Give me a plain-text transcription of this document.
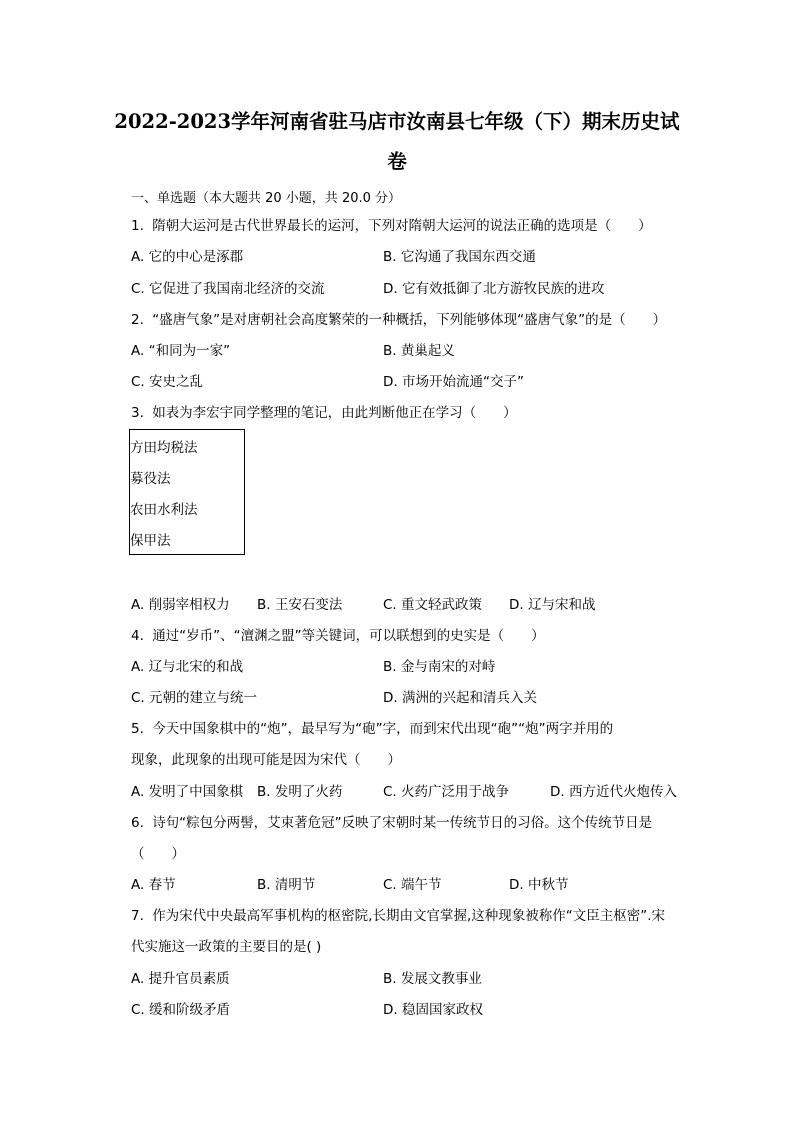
2022-2023学年河南省驻马店市汝南县七年级（下）期末历史试
卷
一、单选题（本大题共 20 小题，共 20.0 分）
1. 隋朝大运河是古代世界最长的运河，下列对隋朝大运河的说法正确的选项是（　　）
A. 它的中心是涿郡	B. 它沟通了我国东西交通
C. 它促进了我国南北经济的交流	D. 它有效抵御了北方游牧民族的进攻
2. “盛唐气象”是对唐朝社会高度繁荣的一种概括，下列能够体现“盛唐气象”的是（　　）
A. “和同为一家”	B. 黄巢起义
C. 安史之乱	D. 市场开始流通“交子”
3. 如表为李宏宇同学整理的笔记，由此判断他正在学习（　　）
方田均税法
募役法
农田水利法
保甲法
A. 削弱宰相权力 B. 王安石变法	C. 重文轻武政策 D. 辽与宋和战
4. 通过“岁币”、“澶渊之盟”等关键词，可以联想到的史实是（　　）
A. 辽与北宋的和战	B. 金与南宋的对峙
C. 元朝的建立与统一	D. 满洲的兴起和清兵入关
5. 今天中国象棋中的“炮”，最早写为“砲”字，而到宋代出现“砲”“炮”两字并用的
现象，此现象的出现可能是因为宋代（　　）
A. 发明了中国象棋 B. 发明了火药	C. 火药广泛用于战争	D. 西方近代火炮传入
6. 诗句“粽包分两髻，艾束著危冠”反映了宋朝时某一传统节日的习俗。这个传统节日是
（　　）
A. 春节	B. 清明节	C. 端午节	D. 中秋节
7. 作为宋代中央最高军事机构的枢密院,长期由文官掌握,这种现象被称作“文臣主枢密”.宋
代实施这一政策的主要目的是( )
A. 提升官员素质	B. 发展文教事业
C. 缓和阶级矛盾	D. 稳固国家政权
